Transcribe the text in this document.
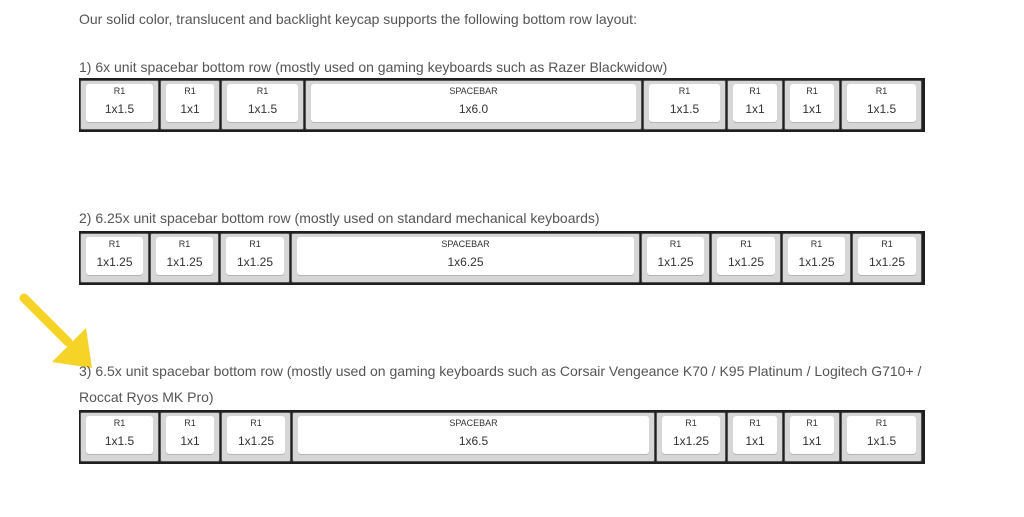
Our solid color, translucent and backlight keycap supports the following bottom row layout:
1) 6x unit spacebar bottom row (mostly used on gaming keyboards such as Razer Blackwidow)
R1
1x1.5
R1
1x1
R1
1x1.5
SPACEBAR
1x6.0
R1
1x1.5
R1
1x1
R1
1x1
R1
1x1.5
2) 6.25x unit spacebar bottom row (mostly used on standard mechanical keyboards)
R1
1x1.25
R1
1x1.25
R1
1x1.25
SPACEBAR
1x6.25
R1
1x1.25
R1
1x1.25
R1
1x1.25
R1
1x1.25
3) 6.5x unit spacebar bottom row (mostly used on gaming keyboards such as Corsair Vengeance K70 / K95 Platinum / Logitech G710+ /
Roccat Ryos MK Pro)
R1
1x1.5
R1
1x1
R1
1x1.25
SPACEBAR
1x6.5
R1
1x1.25
R1
1x1
R1
1x1
R1
1x1.5
